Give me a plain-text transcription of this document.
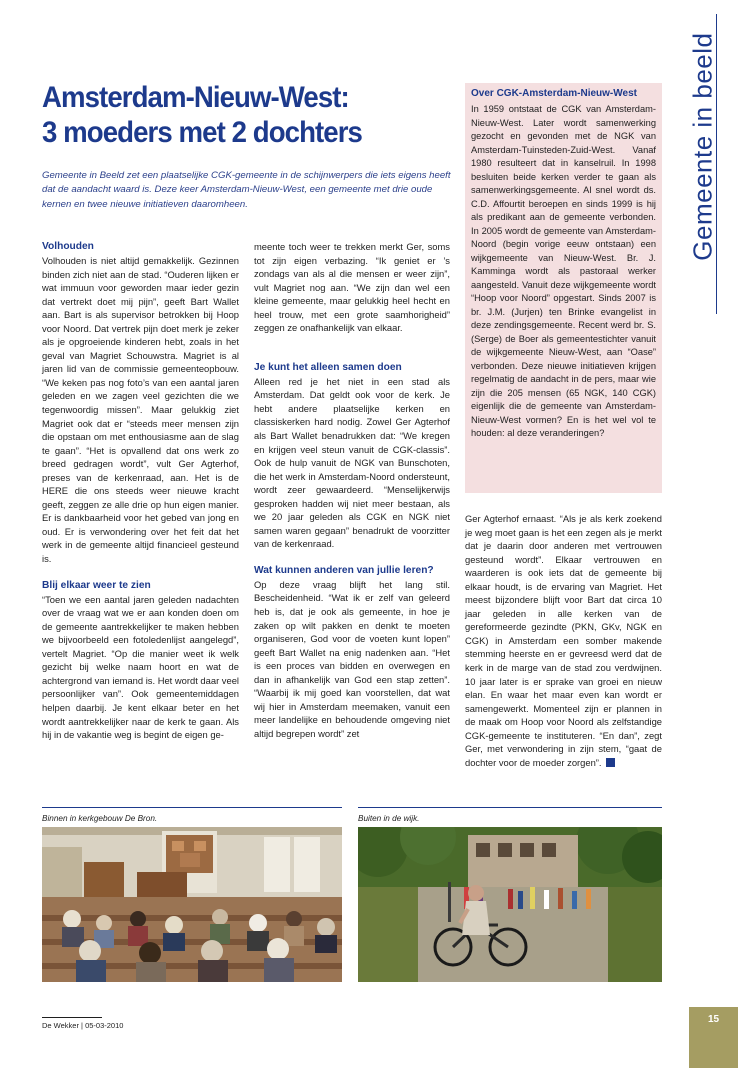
Amsterdam-Nieuw-West:
3 moeders met 2 dochters
Gemeente in Beeld zet een plaatselijke CGK-gemeente in de schijnwerpers die iets eigens heeft dat de aandacht waard is. Deze keer Amsterdam-Nieuw-West, een gemeente met drie oude kernen en twee nieuwe initiatieven daaromheen.	Gemeente in beeld
Volhouden

Volhouden is niet altijd gemakkelijk. Gezinnen binden zich niet aan de stad. “Ouderen lijken er wat immuun voor geworden maar ieder gezin dat vertrekt doet mij pijn”, geeft Bart Wallet aan. Bart is als supervisor betrokken bij Hoop voor Noord. Dat vertrek pijn doet merk je zeker als je opgroeiende kinderen hebt, zoals in het geval van Magriet Schouwstra. Magriet is al jaren lid van de commissie gemeenteopbouw. “We keken pas nog foto’s van een aantal jaren geleden en we zagen veel gezichten die we tegenwoordig missen”. Maar gelukkig ziet Magriet ook dat er “steeds meer mensen zijn die opstaan om met enthousiasme aan de slag te gaan”. “Het is opvallend dat ons werk zo breed gedragen wordt”, vult Ger Agterhof, preses van de kerkenraad, aan. Het is de HERE die ons steeds weer nieuwe kracht geeft, zeggen ze alle drie op hun eigen manier. Er is dankbaarheid voor het gebed van jong en oud. Er is verwondering over het feit dat het werk in de gemeente altijd financieel gesteund is.

Blij elkaar weer te zien

“Toen we een aantal jaren geleden nadachten over de vraag wat we er aan konden doen om de gemeente aantrekkelijker te maken hebben we bijvoorbeeld een fotoledenlijst aangelegd”, vertelt Magriet. “Op die manier weet ik welk gezicht bij welke naam hoort en wat de achtergrond van iemand is. Het wordt daar veel persoonlijker van”. Ook gemeentemiddagen helpen daarbij. Je kent elkaar beter en het wordt aantrekkelijker naar de kerk te gaan. Als hij in de vakantie weg is begint de eigen ge-

meente toch weer te trekken merkt Ger, soms tot zijn eigen verbazing. “Ik geniet er ’s zondags van als al die mensen er weer zijn”, vult Magriet nog aan. “We zijn dan wel een kleine gemeente, maar gelukkig heel hecht en heel trouw, met een grote saamhorigheid” zeggen ze onafhankelijk van elkaar.

Je kunt het alleen samen doen

Alleen red je het niet in een stad als Amsterdam. Dat geldt ook voor de kerk. Je hebt andere plaatselijke kerken en classiskerken hard nodig. Zowel Ger Agterhof als Bart Wallet benadrukken dat: “We kregen en krijgen veel steun vanuit de CGK-classis”. Ook de hulp vanuit de NGK van Bunschoten, die het werk in Amsterdam-Noord ondersteunt, wordt zeer gewaardeerd. “Menselijkerwijs gesproken hadden wij niet meer bestaan, als we 20 jaar geleden als CGK en NGK niet samen waren gegaan” benadrukt de voorzitter van de kerkenraad.

Wat kunnen anderen van jullie leren?

Op deze vraag blijft het lang stil. Bescheidenheid. “Wat ik er zelf van geleerd heb is, dat je ook als gemeente, in hoe je zaken op wilt pakken en denkt te moeten organiseren, God voor de voeten kunt lopen” geeft Bart Wallet na enig nadenken aan. “Het is een proces van bidden en overwegen en dan in afhankelijk van God een stap zetten”. “Waarbij ik mij goed kan voorstellen, dat wat wij hier in Amsterdam meemaken, vanuit een meer landelijke en behoudende omgeving niet altijd begrepen wordt” zet

Over CGK-Amsterdam-Nieuw-West

In 1959 ontstaat de CGK van Amsterdam-Nieuw-West. Later wordt samenwerking gezocht en gevonden met de NGK van Amsterdam-Tuinsteden-Zuid-West. Vanaf 1980 resulteert dat in kanselruil. In 1998 besluiten beide kerken verder te gaan als samenwerkingsgemeente. Al snel wordt ds. C.D. Affourtit beroepen en sinds 1999 is hij als predikant aan de gemeente verbonden. In 2005 wordt de gemeente van Amsterdam-Noord (begin vorige eeuw ontstaan) een wijkgemeente van Nieuw-West. Br. J. Kamminga wordt als pastoraal werker aangesteld. Vanuit deze wijkgemeente wordt “Hoop voor Noord” opgestart. Sinds 2007 is br. J.M. (Jurjen) ten Brinke evangelist in deze zendingsgemeente. Recent werd br. S. (Serge) de Boer als gemeentestichter vanuit de wijkgemeente Nieuw-West, aan “Oase” verbonden. Deze nieuwe initiatieven krijgen regelmatig de aandacht in de pers, maar wie zijn die 205 mensen (65 NGK, 140 CGK) eigenlijk die de gemeente van Amsterdam-Nieuw-West vormen? En is het wel vol te houden: al deze veranderingen?

Ger Agterhof ernaast. “Als je als kerk zoekend je weg moet gaan is het een zegen als je merkt dat je daarin door anderen met vertrouwen gesteund wordt”. Elkaar vertrouwen en waarderen is ook iets dat de gemeente bij elkaar houdt, is de ervaring van Magriet. Het meest bijzondere blijft voor Bart dat circa 10 jaar geleden in alle kerken van de gereformeerde gezindte (PKN, GKv, NGK en CGK) in Amsterdam een somber makende stemming heerste en er gevreesd werd dat de kerk in de marge van de stad zou verdwijnen. 10 jaar later is er sprake van groei en nieuw elan. En waar het maar even kan wordt er samengewerkt. Momenteel zijn er plannen in de maak om Hoop voor Noord als zelfstandige CGK-gemeente te instituteren. “En dan”, zegt Ger, met verwondering in zijn stem, “gaat de dochter voor de moeder zorgen”.

Binnen in kerkgebouw De Bron.	Buiten in de wijk.
De Wekker | 05-03-2010
15
